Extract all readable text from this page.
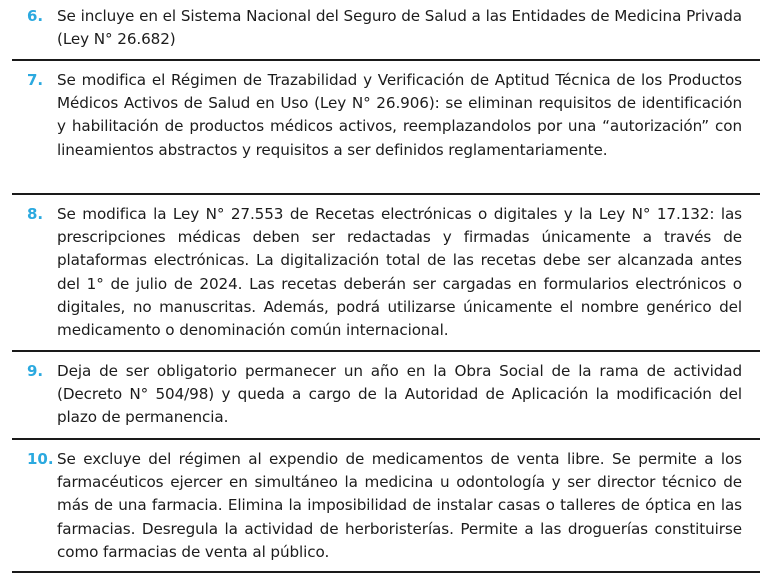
6. Se incluye en el Sistema Nacional del Seguro de Salud a las Entidades de Medicina Privada (Ley N° 26.682)
7. Se modifica el Régimen de Trazabilidad y Verificación de Aptitud Técnica de los Productos Médicos Activos de Salud en Uso (Ley N° 26.906): se eliminan requisitos de identificación y habilitación de productos médicos activos, reemplazandolos por una “autorización” con lineamientos abstractos y requisitos a ser definidos reglamentariamente.
8. Se modifica la Ley N° 27.553 de Recetas electrónicas o digitales y la Ley N° 17.132: las prescripciones médicas deben ser redactadas y firmadas únicamente a través de plataformas electrónicas. La digitalización total de las recetas debe ser alcanzada antes del 1° de julio de 2024. Las recetas deberán ser cargadas en formularios electrónicos o digitales, no manuscritas. Además, podrá utilizarse únicamente el nombre genérico del medicamento o denominación común internacional.
9. Deja de ser obligatorio permanecer un año en la Obra Social de la rama de actividad (Decreto N° 504/98) y queda a cargo de la Autoridad de Aplicación la modificación del plazo de permanencia.
10. Se excluye del régimen al expendio de medicamentos de venta libre. Se permite a los farmacéuticos ejercer en simultáneo la medicina u odontología y ser director técnico de más de una farmacia. Elimina la imposibilidad de instalar casas o talleres de óptica en las farmacias. Desregula la actividad de herboristerías. Permite a las droguerías constituirse como farmacias de venta al público.
